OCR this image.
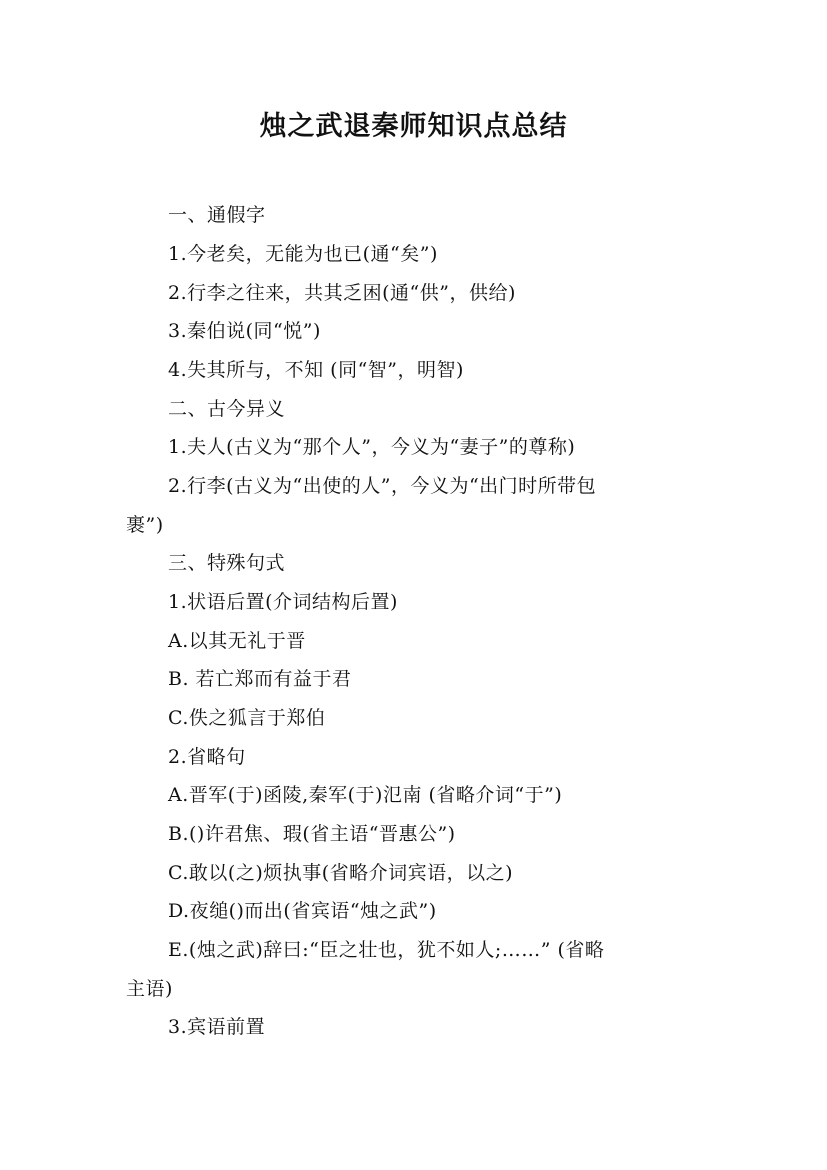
烛之武退秦师知识点总结
一、通假字
1.今老矣，无能为也已(通“矣”)
2.行李之往来，共其乏困(通“供”，供给)
3.秦伯说(同“悦”)
4.失其所与，不知 (同“智”，明智)
二、古今异义
1.夫人(古义为“那个人”，今义为“妻子”的尊称)
2.行李(古义为“出使的人”，今义为“出门时所带包
裹”)
三、特殊句式
1.状语后置(介词结构后置)
A.以其无礼于晋
B. 若亡郑而有益于君
C.佚之狐言于郑伯
2.省略句
A.晋军(于)函陵,秦军(于)氾南 (省略介词“于”)
B.()许君焦、瑕(省主语“晋惠公”)
C.敢以(之)烦执事(省略介词宾语，以之)
D.夜缒()而出(省宾语“烛之武”)
E.(烛之武)辞曰:“臣之壮也，犹不如人;……” (省略
主语)
3.宾语前置
